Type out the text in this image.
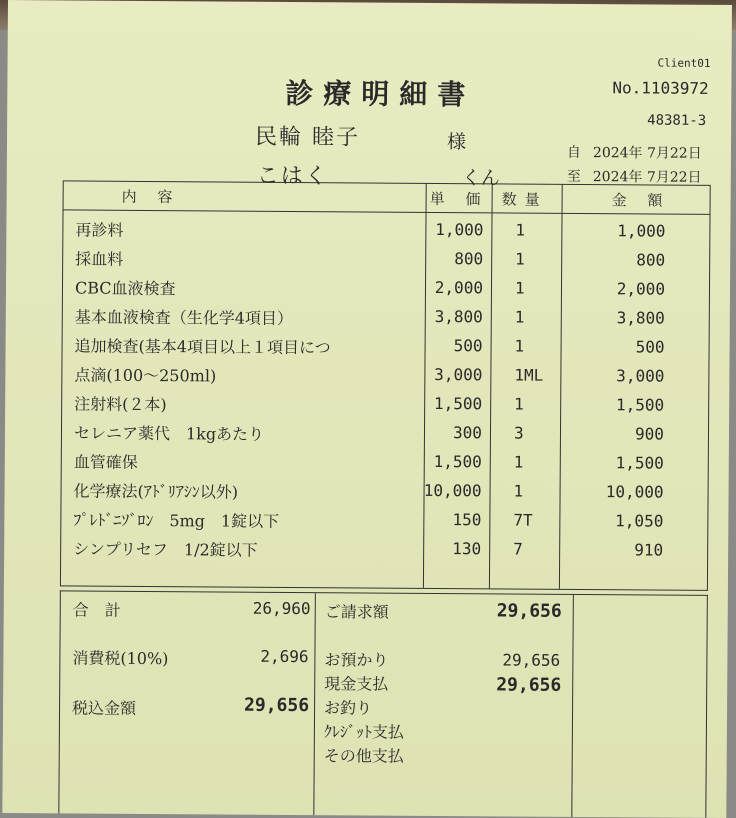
Client01
診療明細書	No.1103972
48381-3
民輪 睦子	様
こはく	くん
自 2024年 7月22日
至 2024年 7月22日
内 容	単 価 数量	金 額
再診料	1,000 1	1,000
採血料	800 1	800
CBC血液検査	2,000 1	2,000
基本血液検査（生化学4項目）	3,800 1	3,800
追加検査(基本4項目以上１項目につ	500 1	500
点滴(100～250ml)	3,000 1ML	3,000
注射料(２本)	1,500 1	1,500
セレニア薬代　1kgあたり	300 3	900
血管確保	1,500 1	1,500
化学療法(ｱﾄﾞﾘｱｼﾝ以外)	10,000 1	10,000
ﾌﾟﾚﾄﾞﾆｿﾞﾛﾝ　5mg　1錠以下	150 7T	1,050
シンプリセフ　1/2錠以下	130 7	910
合　計	26,960
消費税(10%)	2,696
税込金額	29,656
ご請求額	29,656
お預かり	29,656
現金支払	29,656
お釣り
ｸﾚｼﾞｯﾄ支払
その他支払
